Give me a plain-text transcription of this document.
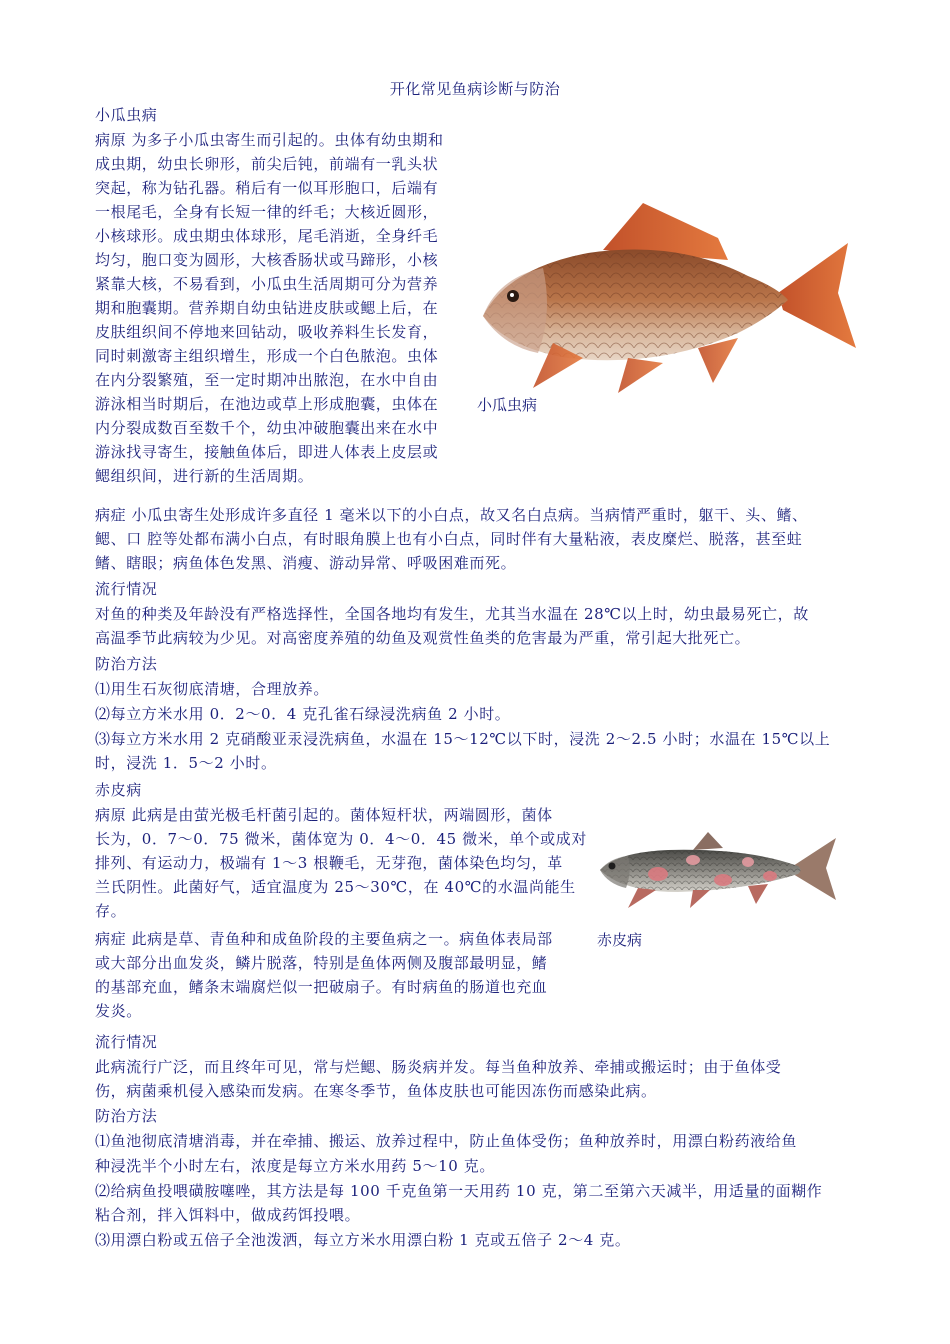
开化常见鱼病诊断与防治
小瓜虫病
病原 为多子小瓜虫寄生而引起的。虫体有幼虫期和
成虫期，幼虫长卵形，前尖后钝，前端有一乳头状
突起，称为钻孔器。稍后有一似耳形胞口，后端有
一根尾毛，全身有长短一律的纤毛；大核近圆形，
小核球形。成虫期虫体球形，尾毛消逝，全身纤毛
均匀，胞口变为圆形，大核香肠状或马蹄形，小核
紧靠大核，不易看到，小瓜虫生活周期可分为营养
期和胞囊期。营养期自幼虫钻进皮肤或鳃上后，在
皮肤组织间不停地来回钻动，吸收养料生长发育，
同时刺激寄主组织增生，形成一个白色脓泡。虫体
在内分裂繁殖，至一定时期冲出脓泡，在水中自由
游泳相当时期后，在池边或草上形成胞囊，虫体在
内分裂成数百至数千个，幼虫冲破胞囊出来在水中
游泳找寻寄生，接触鱼体后，即进人体表上皮层或
鳃组织间，进行新的生活周期。
小瓜虫病
病症 小瓜虫寄生处形成许多直径 1 毫米以下的小白点，故又名白点病。当病情严重时，躯干、头、鳍、
鳃、口 腔等处都布满小白点，有时眼角膜上也有小白点，同时伴有大量粘液，表皮糜烂、脱落，甚至蛀
鳍、瞎眼；病鱼体色发黑、消瘦、游动异常、呼吸困难而死。
流行情况
对鱼的种类及年龄没有严格选择性，全国各地均有发生，尤其当水温在 28℃以上时，幼虫最易死亡，故
高温季节此病较为少见。对高密度养殖的幼鱼及观赏性鱼类的危害最为严重，常引起大批死亡。
防治方法
⑴用生石灰彻底清塘，合理放养。
⑵每立方米水用 0．2～0．4 克孔雀石绿浸洗病鱼 2 小时。
⑶每立方米水用 2 克硝酸亚汞浸洗病鱼，水温在 15～12℃以下时，浸洗 2～2.5 小时；水温在 15℃以上
时，浸洗 1．5～2 小时。
赤皮病
病原 此病是由萤光极毛杆菌引起的。菌体短杆状，两端圆形，菌体
长为，0．7～0．75 微米，菌体宽为 0．4～0．45 微米，单个或成对
排列、有运动力，极端有 1～3 根鞭毛，无芽孢，菌体染色均匀，革
兰氏阴性。此菌好气，适宜温度为 25～30℃，在 40℃的水温尚能生
存。
病症 此病是草、青鱼种和成鱼阶段的主要鱼病之一。病鱼体表局部
或大部分出血发炎，鳞片脱落，特别是鱼体两侧及腹部最明显，鳍
的基部充血，鳍条末端腐烂似一把破扇子。有时病鱼的肠道也充血
发炎。
赤皮病
流行情况
此病流行广泛，而且终年可见，常与烂鳃、肠炎病并发。每当鱼种放养、牵捕或搬运时；由于鱼体受
伤，病菌乘机侵入感染而发病。在寒冬季节，鱼体皮肤也可能因冻伤而感染此病。
防治方法
⑴鱼池彻底清塘消毒，并在牵捕、搬运、放养过程中，防止鱼体受伤；鱼种放养时，用漂白粉药液给鱼
种浸洗半个小时左右，浓度是每立方米水用药 5～10 克。
⑵给病鱼投喂磺胺噻唑，其方法是每 100 千克鱼第一天用药 10 克，第二至第六天减半，用适量的面糊作
粘合剂，拌入饵料中，做成药饵投喂。
⑶用漂白粉或五倍子全池泼洒，每立方米水用漂白粉 1 克或五倍子 2～4 克。
